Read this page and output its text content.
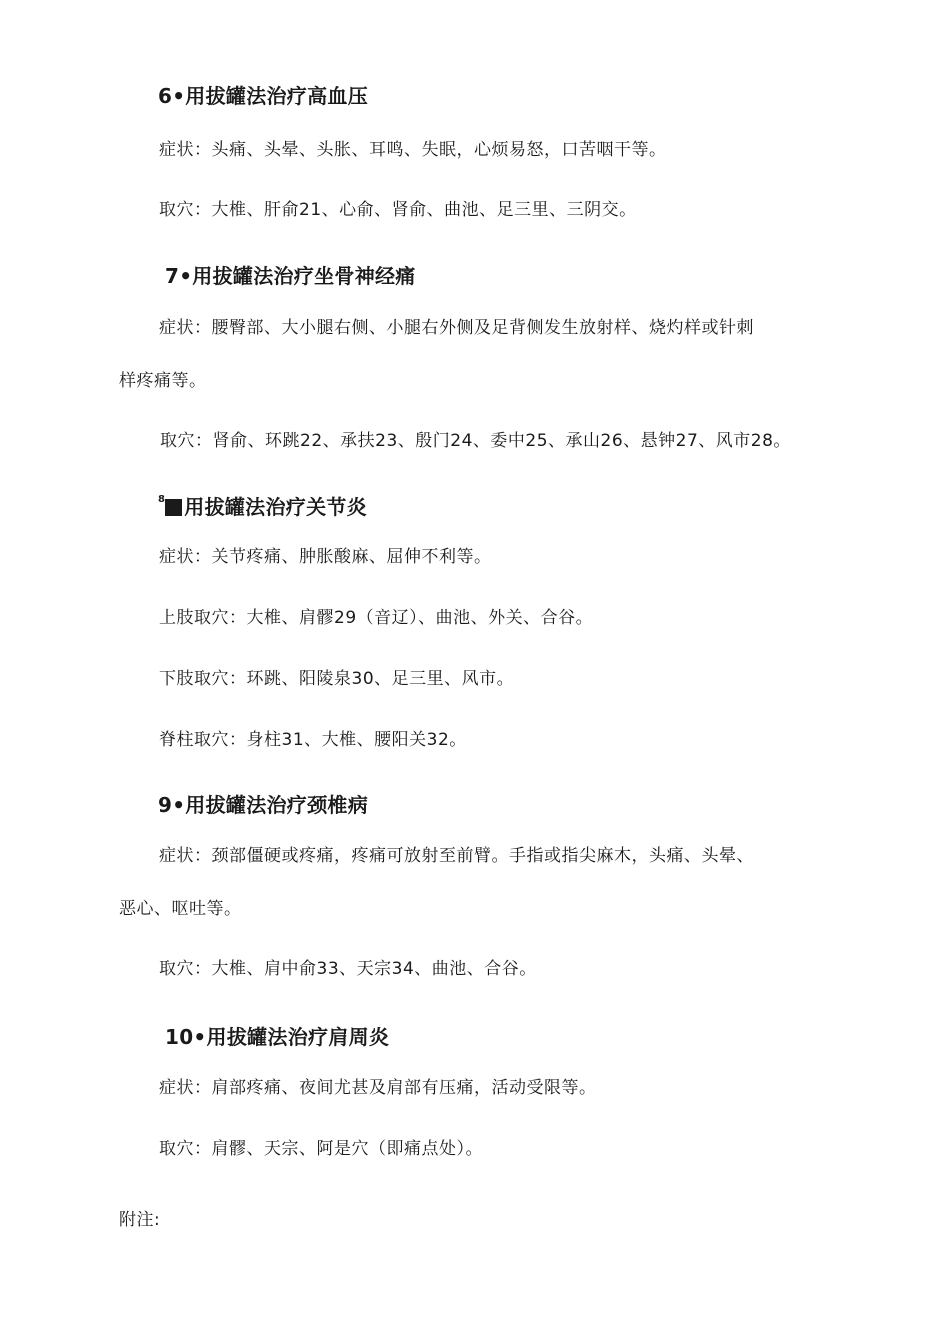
6•用拔罐法治疗高血压
症状：头痛、头晕、头胀、耳鸣、失眠，心烦易怒，口苦咽干等。
取穴：大椎、肝俞21、心俞、肾俞、曲池、足三里、三阴交。
7•用拔罐法治疗坐骨神经痛
症状：腰臀部、大小腿右侧、小腿右外侧及足背侧发生放射样、烧灼样或针刺
样疼痛等。
取穴：肾俞、环跳22、承扶23、殷门24、委中25、承山26、悬钟27、风市28。
$^8$ 用拔罐法治疗关节炎
症状：关节疼痛、肿胀酸麻、屈伸不利等。
上肢取穴：大椎、肩髎29（音辽）、曲池、外关、合谷。
下肢取穴：环跳、阳陵泉30、足三里、风市。
脊柱取穴：身柱31、大椎、腰阳关32。
9•用拔罐法治疗颈椎病
症状：颈部僵硬或疼痛，疼痛可放射至前臂。手指或指尖麻木，头痛、头晕、
恶心、呕吐等。
取穴：大椎、肩中俞33、天宗34、曲池、合谷。
10•用拔罐法治疗肩周炎
症状：肩部疼痛、夜间尤甚及肩部有压痛，活动受限等。
取穴：肩髎、天宗、阿是穴（即痛点处）。
附注:
